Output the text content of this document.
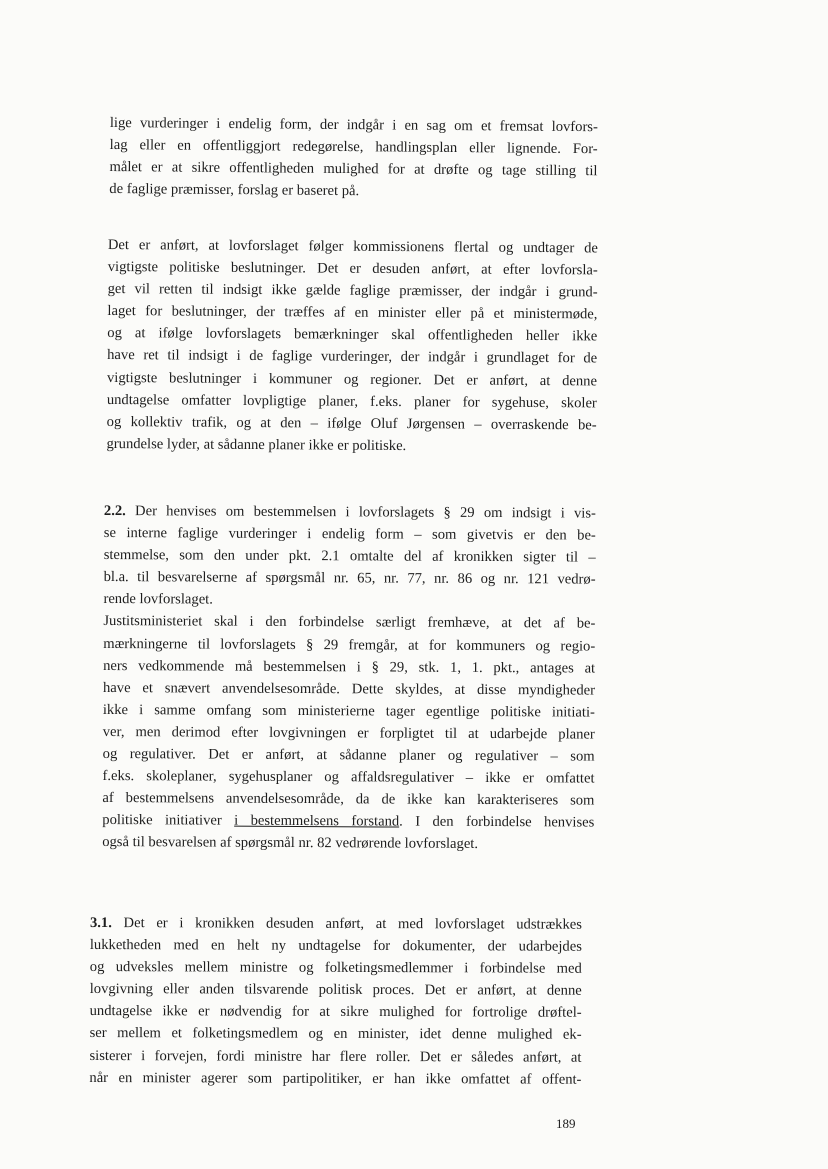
lige vurderinger i endelig form, der indgår i en sag om et fremsat lovfors-
lag eller en offentliggjort redegørelse, handlingsplan eller lignende. For-
målet er at sikre offentligheden mulighed for at drøfte og tage stilling til
de faglige præmisser, forslag er baseret på.
Det er anført, at lovforslaget følger kommissionens flertal og undtager de
vigtigste politiske beslutninger. Det er desuden anført, at efter lovforsla-
get vil retten til indsigt ikke gælde faglige præmisser, der indgår i grund-
laget for beslutninger, der træffes af en minister eller på et ministermøde,
og at ifølge lovforslagets bemærkninger skal offentligheden heller ikke
have ret til indsigt i de faglige vurderinger, der indgår i grundlaget for de
vigtigste beslutninger i kommuner og regioner. Det er anført, at denne
undtagelse omfatter lovpligtige planer, f.eks. planer for sygehuse, skoler
og kollektiv trafik, og at den – ifølge Oluf Jørgensen – overraskende be-
grundelse lyder, at sådanne planer ikke er politiske.
2.2. Der henvises om bestemmelsen i lovforslagets § 29 om indsigt i vis-
se interne faglige vurderinger i endelig form – som givetvis er den be-
stemmelse, som den under pkt. 2.1 omtalte del af kronikken sigter til –
bl.a. til besvarelserne af spørgsmål nr. 65, nr. 77, nr. 86 og nr. 121 vedrø-
rende lovforslaget.
Justitsministeriet skal i den forbindelse særligt fremhæve, at det af be-
mærkningerne til lovforslagets § 29 fremgår, at for kommuners og regio-
ners vedkommende må bestemmelsen i § 29, stk. 1, 1. pkt., antages at
have et snævert anvendelsesområde. Dette skyldes, at disse myndigheder
ikke i samme omfang som ministerierne tager egentlige politiske initiati-
ver, men derimod efter lovgivningen er forpligtet til at udarbejde planer
og regulativer. Det er anført, at sådanne planer og regulativer – som
f.eks. skoleplaner, sygehusplaner og affaldsregulativer – ikke er omfattet
af bestemmelsens anvendelsesområde, da de ikke kan karakteriseres som
politiske initiativer i bestemmelsens forstand. I den forbindelse henvises
også til besvarelsen af spørgsmål nr. 82 vedrørende lovforslaget.
3.1. Det er i kronikken desuden anført, at med lovforslaget udstrækkes
lukketheden med en helt ny undtagelse for dokumenter, der udarbejdes
og udveksles mellem ministre og folketingsmedlemmer i forbindelse med
lovgivning eller anden tilsvarende politisk proces. Det er anført, at denne
undtagelse ikke er nødvendig for at sikre mulighed for fortrolige drøftel-
ser mellem et folketingsmedlem og en minister, idet denne mulighed ek-
sisterer i forvejen, fordi ministre har flere roller. Det er således anført, at
når en minister agerer som partipolitiker, er han ikke omfattet af offent-
189
